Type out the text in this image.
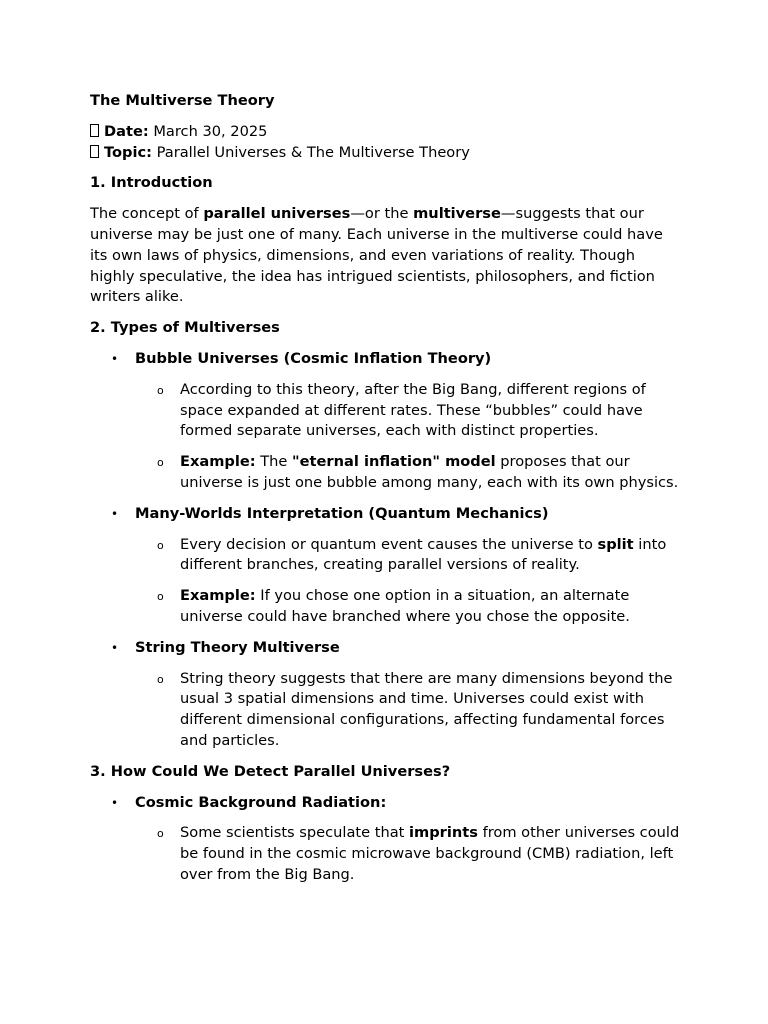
The Multiverse Theory

Date: March 30, 2025

Topic: Parallel Universes & The Multiverse Theory

1. Introduction

The concept of parallel universes—or the multiverse—suggests that our universe may be just one of many. Each universe in the multiverse could have its own laws of physics, dimensions, and even variations of reality. Though highly speculative, the idea has intrigued scientists, philosophers, and fiction writers alike.

2. Types of Multiverses

• Bubble Universes (Cosmic Inflation Theory)
o According to this theory, after the Big Bang, different regions of space expanded at different rates. These “bubbles” could have formed separate universes, each with distinct properties.
o Example: The "eternal inflation" model proposes that our universe is just one bubble among many, each with its own physics.
• Many-Worlds Interpretation (Quantum Mechanics)
o Every decision or quantum event causes the universe to split into different branches, creating parallel versions of reality.
o Example: If you chose one option in a situation, an alternate universe could have branched where you chose the opposite.
• String Theory Multiverse
o String theory suggests that there are many dimensions beyond the usual 3 spatial dimensions and time. Universes could exist with different dimensional configurations, affecting fundamental forces and particles.

3. How Could We Detect Parallel Universes?

• Cosmic Background Radiation:
o Some scientists speculate that imprints from other universes could be found in the cosmic microwave background (CMB) radiation, left over from the Big Bang.
